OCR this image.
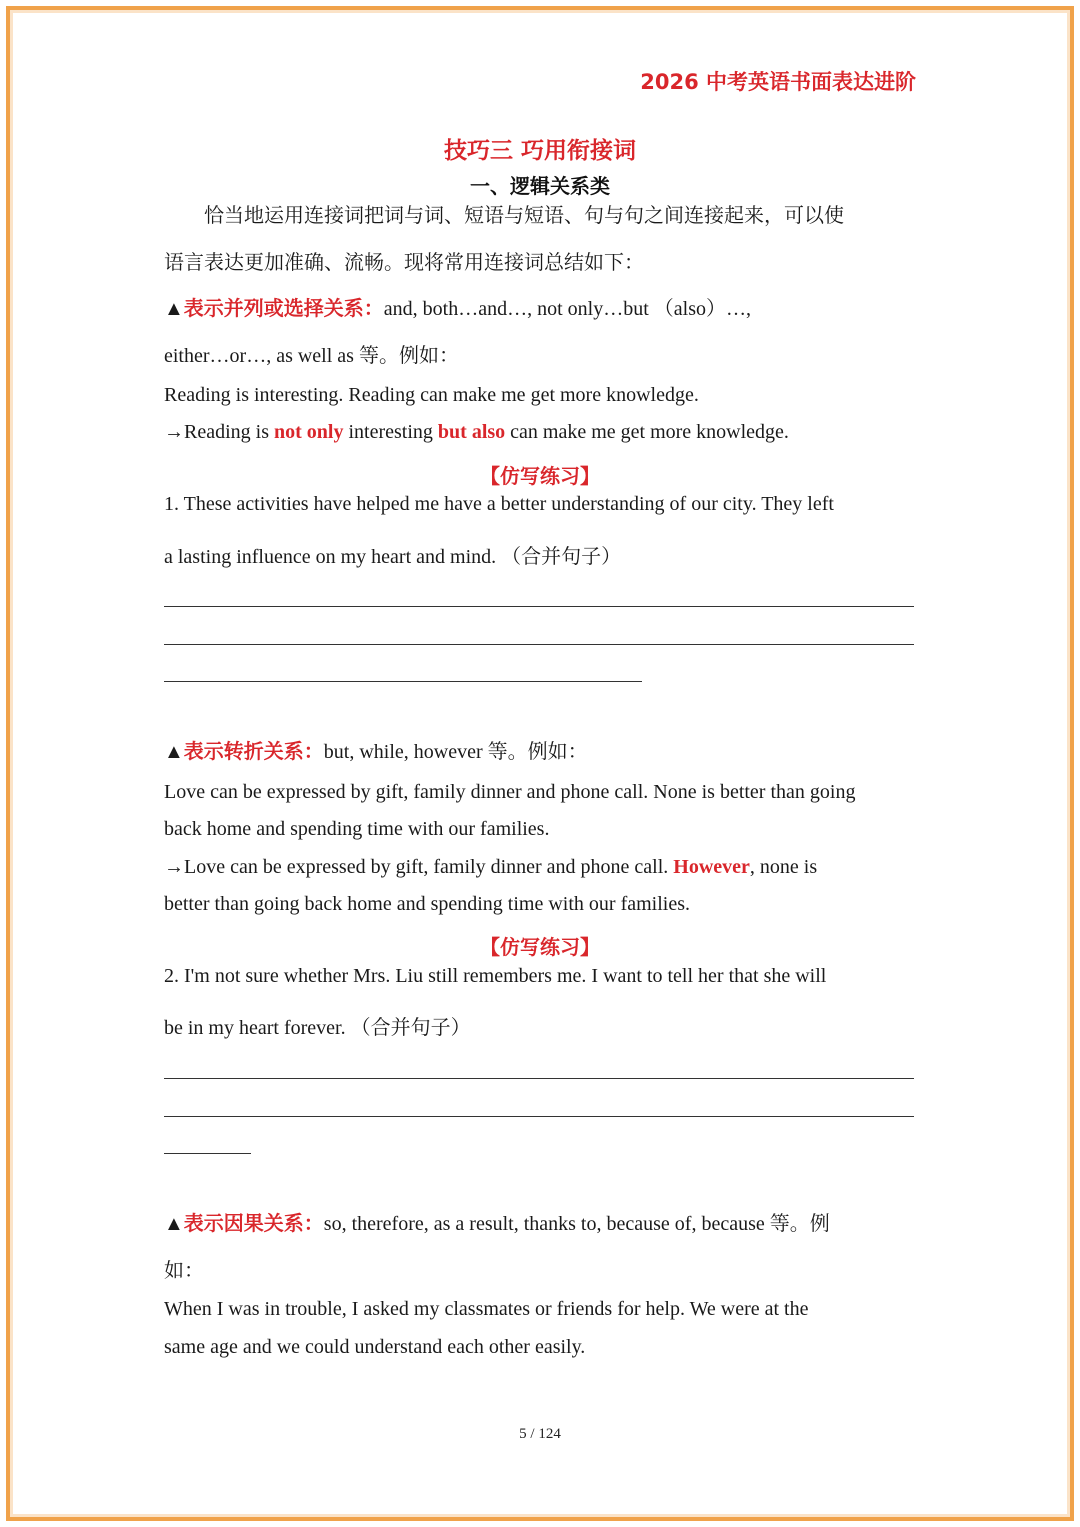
2026 中考英语书面表达进阶
技巧三 巧用衔接词
一、逻辑关系类
恰当地运用连接词把词与词、短语与短语、句与句之间连接起来，可以使
语言表达更加准确、流畅。现将常用连接词总结如下：
▲表示并列或选择关系：and, both…and…, not only…but （also）…,
either…or…, as well as 等。例如：
Reading is interesting. Reading can make me get more knowledge.
→Reading is not only interesting but also can make me get more knowledge.
【仿写练习】
1. These activities have helped me have a better understanding of our city. They left
a lasting influence on my heart and mind. （合并句子）
▲表示转折关系：but, while, however 等。例如：
Love can be expressed by gift, family dinner and phone call. None is better than going
back home and spending time with our families.
→Love can be expressed by gift, family dinner and phone call. However, none is
better than going back home and spending time with our families.
【仿写练习】
2. I'm not sure whether Mrs. Liu still remembers me. I want to tell her that she will
be in my heart forever. （合并句子）
▲表示因果关系：so, therefore, as a result, thanks to, because of, because 等。例
如：
When I was in trouble, I asked my classmates or friends for help. We were at the
same age and we could understand each other easily.
5 / 124
